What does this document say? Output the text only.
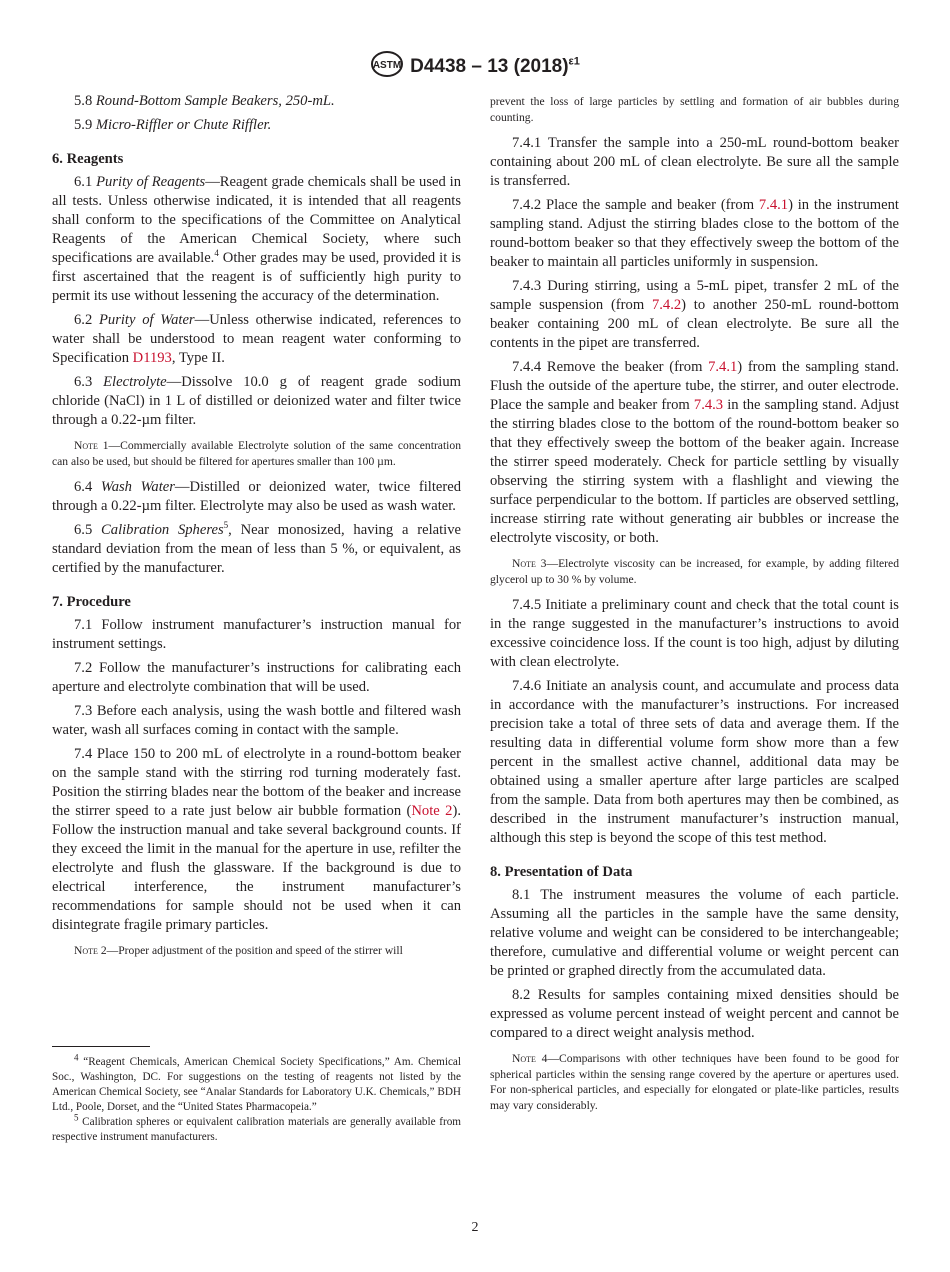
ASTM D4438 – 13 $(2018)^{\varepsilon 1}$
5.8 Round-Bottom Sample Beakers, 250-mL.
5.9 Micro-Riffler or Chute Riffler.
6. Reagents
6.1 Purity of Reagents—Reagent grade chemicals shall be used in all tests. Unless otherwise indicated, it is intended that all reagents shall conform to the specifications of the Committee on Analytical Reagents of the American Chemical Society, where such specifications are available.$^4$ Other grades may be used, provided it is first ascertained that the reagent is of sufficiently high purity to permit its use without lessening the accuracy of the determination.
6.2 Purity of Water—Unless otherwise indicated, references to water shall be understood to mean reagent water conforming to Specification D1193, Type II.
6.3 Electrolyte—Dissolve 10.0 g of reagent grade sodium chloride (NaCl) in 1 L of distilled or deionized water and filter twice through a 0.22-µm filter.
Note 1—Commercially available Electrolyte solution of the same concentration can also be used, but should be filtered for apertures smaller than 100 µm.
6.4 Wash Water—Distilled or deionized water, twice filtered through a 0.22-µm filter. Electrolyte may also be used as wash water.
6.5 Calibration Spheres$^5$, Near monosized, having a relative standard deviation from the mean of less than 5 %, or equivalent, as certified by the manufacturer.
7. Procedure
7.1 Follow instrument manufacturer’s instruction manual for instrument settings.
7.2 Follow the manufacturer’s instructions for calibrating each aperture and electrolyte combination that will be used.
7.3 Before each analysis, using the wash bottle and filtered wash water, wash all surfaces coming in contact with the sample.
7.4 Place 150 to 200 mL of electrolyte in a round-bottom beaker on the sample stand with the stirring rod turning moderately fast. Position the stirring blades near the bottom of the beaker and increase the stirrer speed to a rate just below air bubble formation (Note 2). Follow the instruction manual and take several background counts. If they exceed the limit in the manual for the aperture in use, refilter the electrolyte and flush the glassware. If the background is due to electrical interference, the instrument manufacturer’s recommendations for sample should not be used when it can disintegrate fragile primary particles.
Note 2—Proper adjustment of the position and speed of the stirrer will
$^4$ “Reagent Chemicals, American Chemical Society Specifications,” Am. Chemical Soc., Washington, DC. For suggestions on the testing of reagents not listed by the American Chemical Society, see “Analar Standards for Laboratory U.K. Chemicals,” BDH Ltd., Poole, Dorset, and the “United States Pharmacopeia.”
$^5$ Calibration spheres or equivalent calibration materials are generally available from respective instrument manufacturers.
prevent the loss of large particles by settling and formation of air bubbles during counting.
7.4.1 Transfer the sample into a 250-mL round-bottom beaker containing about 200 mL of clean electrolyte. Be sure all the sample is transferred.
7.4.2 Place the sample and beaker (from 7.4.1) in the instrument sampling stand. Adjust the stirring blades close to the bottom of the round-bottom beaker so that they effectively sweep the bottom of the beaker to maintain all particles uniformly in suspension.
7.4.3 During stirring, using a 5-mL pipet, transfer 2 mL of the sample suspension (from 7.4.2) to another 250-mL round-bottom beaker containing 200 mL of clean electrolyte. Be sure all the contents in the pipet are transferred.
7.4.4 Remove the beaker (from 7.4.1) from the sampling stand. Flush the outside of the aperture tube, the stirrer, and outer electrode. Place the sample and beaker from 7.4.3 in the sampling stand. Adjust the stirring blades close to the bottom of the round-bottom beaker so that they effectively sweep the bottom of the beaker again. Increase the stirrer speed moderately. Check for particle settling by visually observing the stirring system with a flashlight and viewing the surface perpendicular to the bottom. If particles are observed settling, increase stirring rate without generating air bubbles or increase the electrolyte viscosity, or both.
Note 3—Electrolyte viscosity can be increased, for example, by adding filtered glycerol up to 30 % by volume.
7.4.5 Initiate a preliminary count and check that the total count is in the range suggested in the manufacturer’s instructions to avoid excessive coincidence loss. If the count is too high, adjust by diluting with clean electrolyte.
7.4.6 Initiate an analysis count, and accumulate and process data in accordance with the manufacturer’s instructions. For increased precision take a total of three sets of data and average them. If the resulting data in differential volume form show more than a few percent in the smallest active channel, additional data may be obtained using a smaller aperture after large particles are scalped from the sample. Data from both apertures may then be combined, as described in the instrument manufacturer’s instruction manual, although this step is beyond the scope of this test method.
8. Presentation of Data
8.1 The instrument measures the volume of each particle. Assuming all the particles in the sample have the same density, relative volume and weight can be considered to be interchangeable; therefore, cumulative and differential volume or weight percent can be printed or graphed directly from the accumulated data.
8.2 Results for samples containing mixed densities should be expressed as volume percent instead of weight percent and cannot be compared to a direct weight analysis method.
Note 4—Comparisons with other techniques have been found to be good for spherical particles within the sensing range covered by the aperture or apertures used. For non-spherical particles, and especially for elongated or plate-like particles, results may vary considerably.
2
